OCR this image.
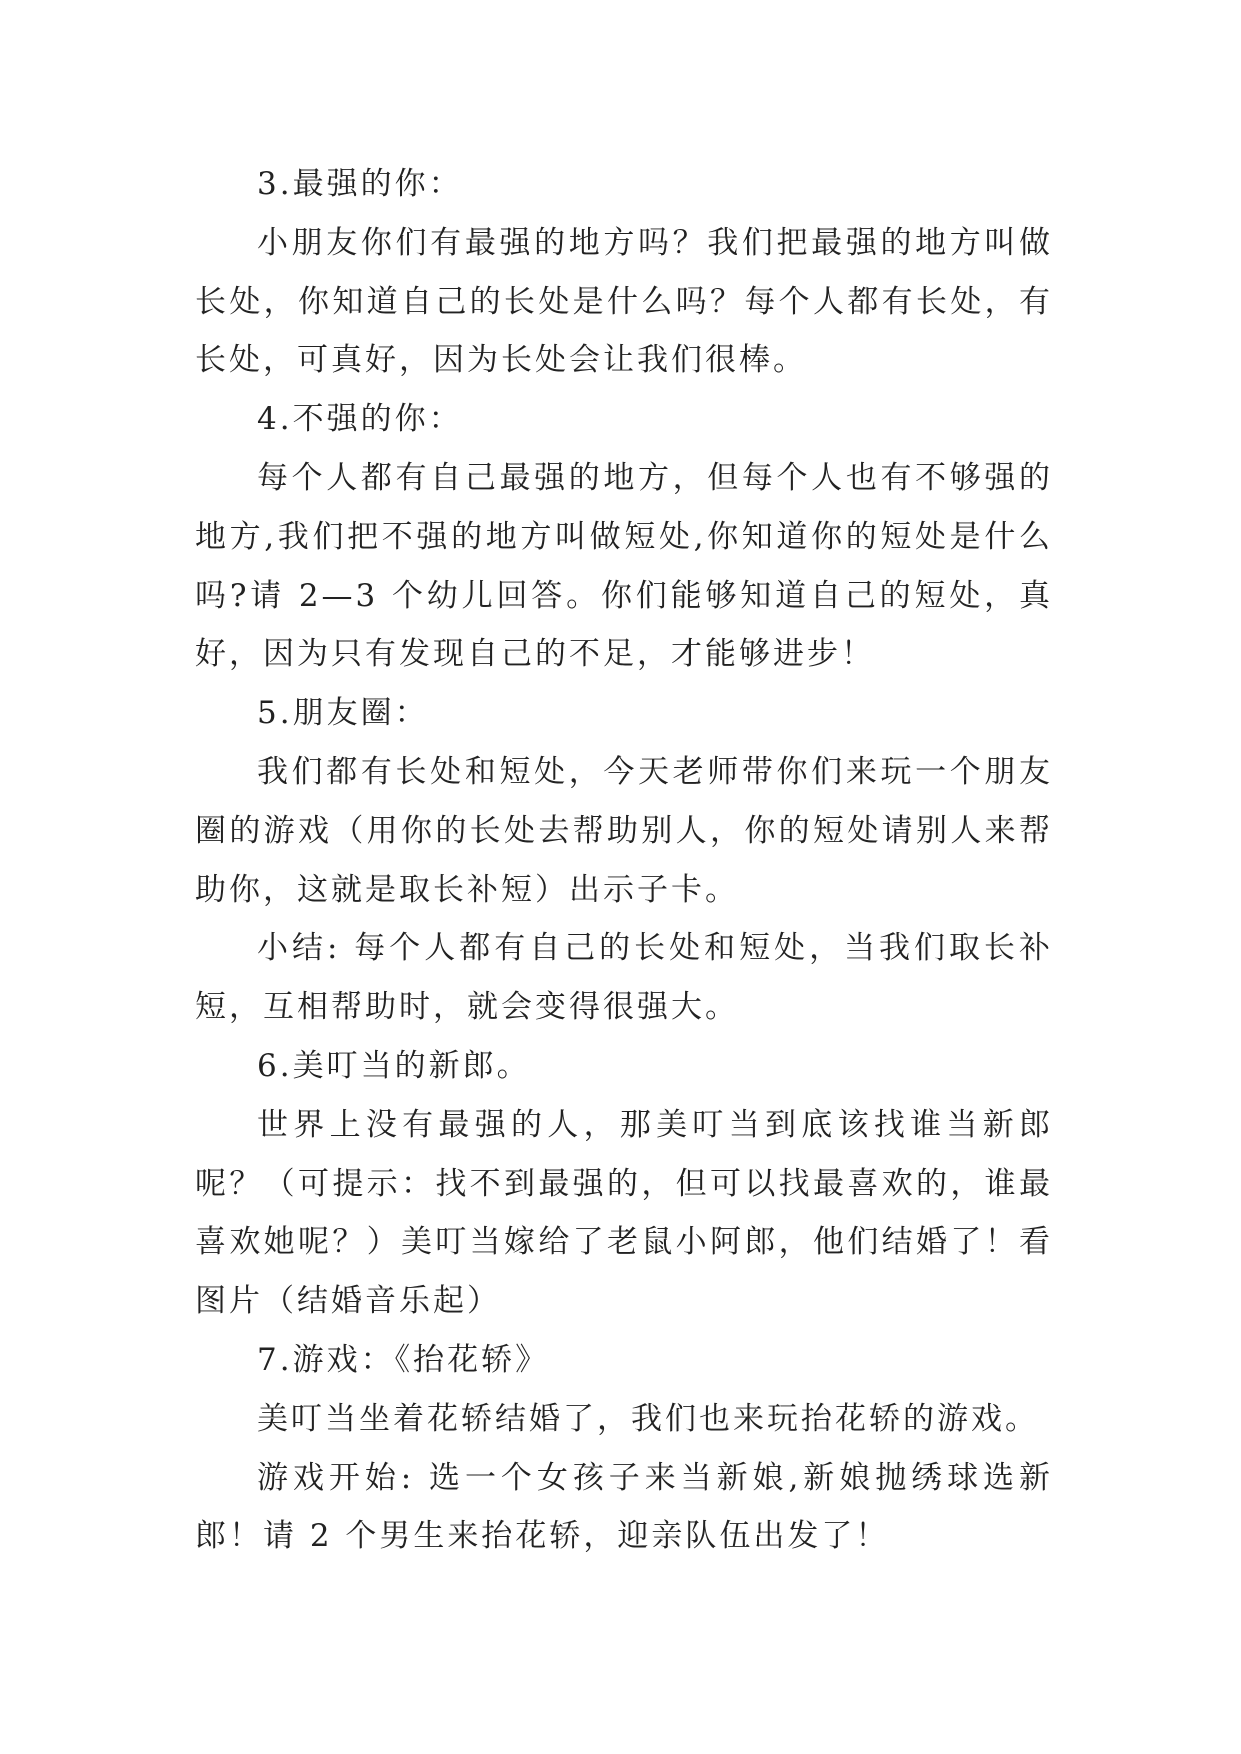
3.最强的你：

小朋友你们有最强的地方吗？我们把最强的地方叫做长处，你知道自己的长处是什么吗？每个人都有长处，有长处，可真好，因为长处会让我们很棒。

4.不强的你：

每个人都有自己最强的地方，但每个人也有不够强的地方,我们把不强的地方叫做短处,你知道你的短处是什么吗?请 2—3 个幼儿回答。你们能够知道自己的短处，真好，因为只有发现自己的不足，才能够进步！

5.朋友圈：

我们都有长处和短处，今天老师带你们来玩一个朋友圈的游戏（用你的长处去帮助别人，你的短处请别人来帮助你，这就是取长补短）出示子卡。

小结: 每个人都有自己的长处和短处，当我们取长补短，互相帮助时，就会变得很强大。

6.美叮当的新郎。

世界上没有最强的人，那美叮当到底该找谁当新郎呢？（可提示：找不到最强的，但可以找最喜欢的，谁最喜欢她呢？）美叮当嫁给了老鼠小阿郎，他们结婚了！看图片（结婚音乐起）

7.游戏：《抬花轿》

美叮当坐着花轿结婚了，我们也来玩抬花轿的游戏。

游戏开始: 选一个女孩子来当新娘,新娘抛绣球选新郎！请 2 个男生来抬花轿，迎亲队伍出发了！
